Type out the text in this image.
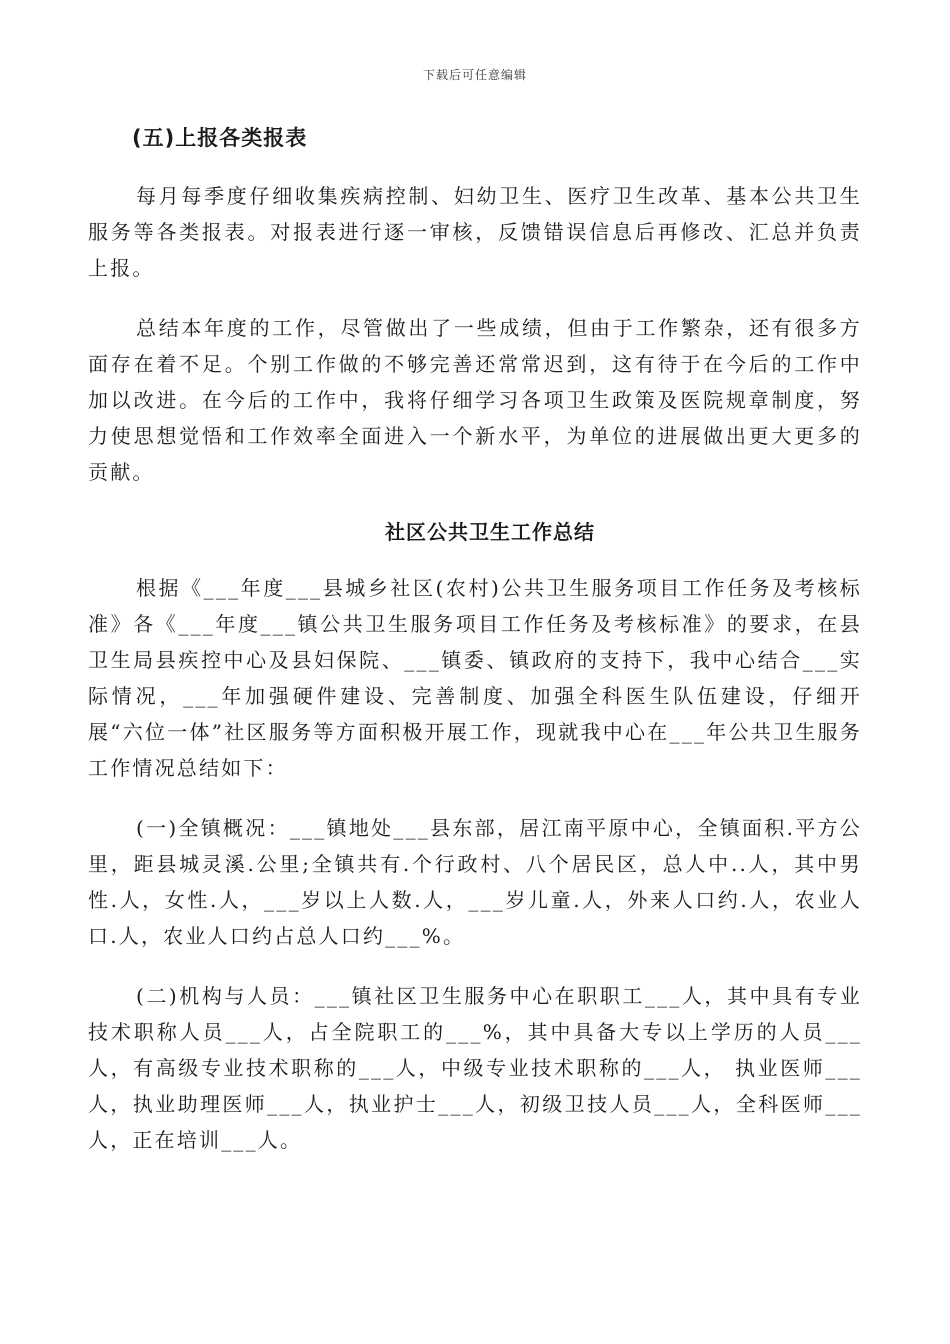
下载后可任意编辑
(五)上报各类报表

每月每季度仔细收集疾病控制、妇幼卫生、医疗卫生改革、基本公共卫生服务等各类报表。对报表进行逐一审核，反馈错误信息后再修改、汇总并负责上报。

总结本年度的工作，尽管做出了一些成绩，但由于工作繁杂，还有很多方面存在着不足。个别工作做的不够完善还常常迟到，这有待于在今后的工作中加以改进。在今后的工作中，我将仔细学习各项卫生政策及医院规章制度，努力使思想觉悟和工作效率全面进入一个新水平，为单位的进展做出更大更多的贡献。

社区公共卫生工作总结

根据《___年度___县城乡社区(农村)公共卫生服务项目工作任务及考核标准》各《___年度___镇公共卫生服务项目工作任务及考核标准》的要求，在县卫生局县疾控中心及县妇保院、___镇委、镇政府的支持下，我中心结合___实际情况，___年加强硬件建设、完善制度、加强全科医生队伍建设，仔细开展“六位一体”社区服务等方面积极开展工作，现就我中心在___年公共卫生服务工作情况总结如下：

(一)全镇概况：___镇地处___县东部，居江南平原中心，全镇面积.平方公里，距县城灵溪.公里;全镇共有.个行政村、八个居民区，总人中..人，其中男性.人，女性.人，___岁以上人数.人，___岁儿童.人，外来人口约.人，农业人口.人，农业人口约占总人口约___%。

(二)机构与人员：___镇社区卫生服务中心在职职工___人，其中具有专业技术职称人员___人，占全院职工的___%，其中具备大专以上学历的人员___人，有高级专业技术职称的___人，中级专业技术职称的___人， 执业医师___人，执业助理医师___人，执业护士___人，初级卫技人员___人，全科医师___人，正在培训___人。
